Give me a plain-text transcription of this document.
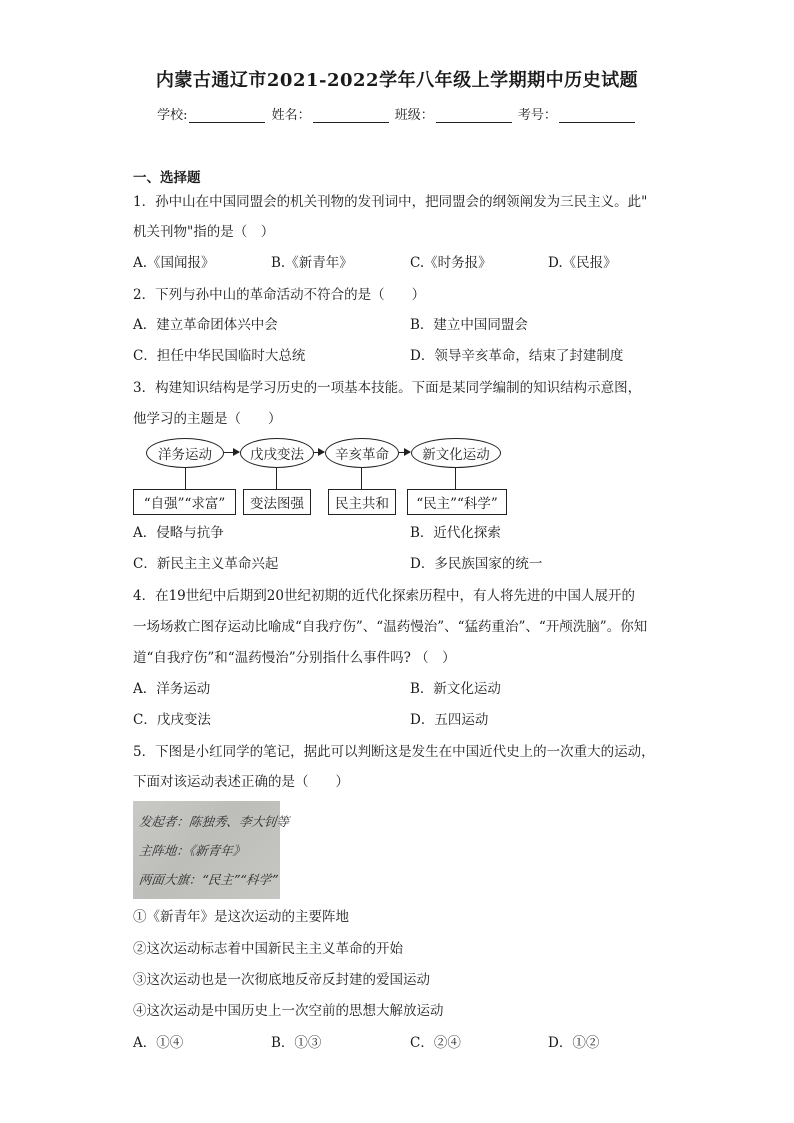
内蒙古通辽市2021-2022学年八年级上学期期中历史试题
学校:	姓名：	班级：	考号：
一、选择题
1．孙中山在中国同盟会的机关刊物的发刊词中，把同盟会的纲领阐发为三民主义。此"
机关刊物"指的是（　）
A.《国闻报》	B.《新青年》	C.《时务报》	D.《民报》
2．下列与孙中山的革命活动不符合的是（　　）
A．建立革命团体兴中会	B．建立中国同盟会
C．担任中华民国临时大总统	D．领导辛亥革命，结束了封建制度
3．构建知识结构是学习历史的一项基本技能。下面是某同学编制的知识结构示意图，
他学习的主题是（　　）
洋务运动	戊戌变法	辛亥革命	新文化运动
“自强”“求富”	变法图强	民主共和	“民主”“科学”
A．侵略与抗争	B．近代化探索
C．新民主主义革命兴起	D．多民族国家的统一
4．在19世纪中后期到20世纪初期的近代化探索历程中，有人将先进的中国人展开的
一场场救亡图存运动比喻成“自我疗伤”、“温药慢治”、“猛药重治”、“开颅洗脑”。你知
道“自我疗伤”和“温药慢治”分别指什么事件吗? （　）
A．洋务运动	B．新文化运动
C．戊戌变法	D．五四运动
5．下图是小红同学的笔记，据此可以判断这是发生在中国近代史上的一次重大的运动，
下面对该运动表述正确的是（　　）
发起者：陈独秀、李大钊等
主阵地：《新青年》
两面大旗：“民主”“科学”
①《新青年》是这次运动的主要阵地
②这次运动标志着中国新民主主义革命的开始
③这次运动也是一次彻底地反帝反封建的爱国运动
④这次运动是中国历史上一次空前的思想大解放运动
A．①④	B．①③	C．②④	D．①②
